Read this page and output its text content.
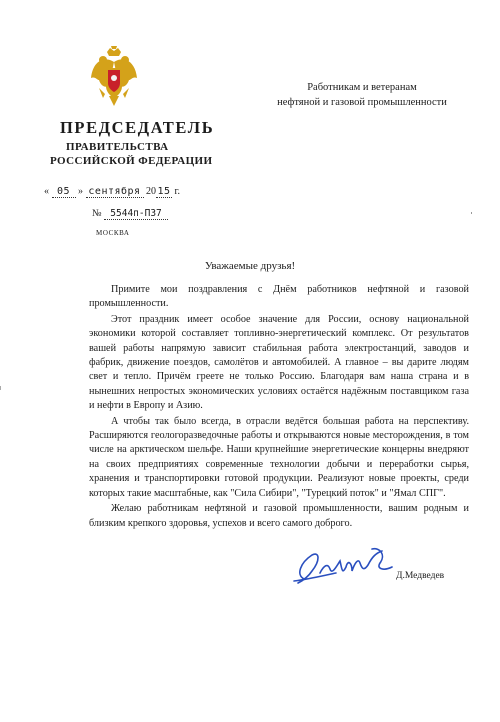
Работникам и ветеранам
нефтяной и газовой промышленности
ПРЕДСЕДАТЕЛЬ
ПРАВИТЕЛЬСТВА
РОССИЙСКОЙ ФЕДЕРАЦИИ
« 05 » сентября 2015 г.
№ 5544п-П37
МОСКВА
Уважаемые друзья!

Примите мои поздравления с Днём работников нефтяной и газовой промышленности.

Этот праздник имеет особое значение для России, основу национальной экономики которой составляет топливно-энергетический комплекс. От результатов вашей работы напрямую зависит стабильная работа электростанций, заводов и фабрик, движение поездов, самолётов и автомобилей. А главное – вы дарите людям свет и тепло. Причём греете не только Россию. Благодаря вам наша страна и в нынешних непростых экономических условиях остаётся надёжным поставщиком газа и нефти в Европу и Азию.

А чтобы так было всегда, в отрасли ведётся большая работа на перспективу. Расширяются геологоразведочные работы и открываются новые месторождения, в том числе на арктическом шельфе. Наши крупнейшие энергетические концерны внедряют на своих предприятиях современные технологии добычи и переработки сырья, хранения и транспортировки готовой продукции. Реализуют новые проекты, среди которых такие масштабные, как "Сила Сибири", "Турецкий поток" и "Ямал СПГ".

Желаю работникам нефтяной и газовой промышленности, вашим родным и близким крепкого здоровья, успехов и всего самого доброго.

Д.Медведев
